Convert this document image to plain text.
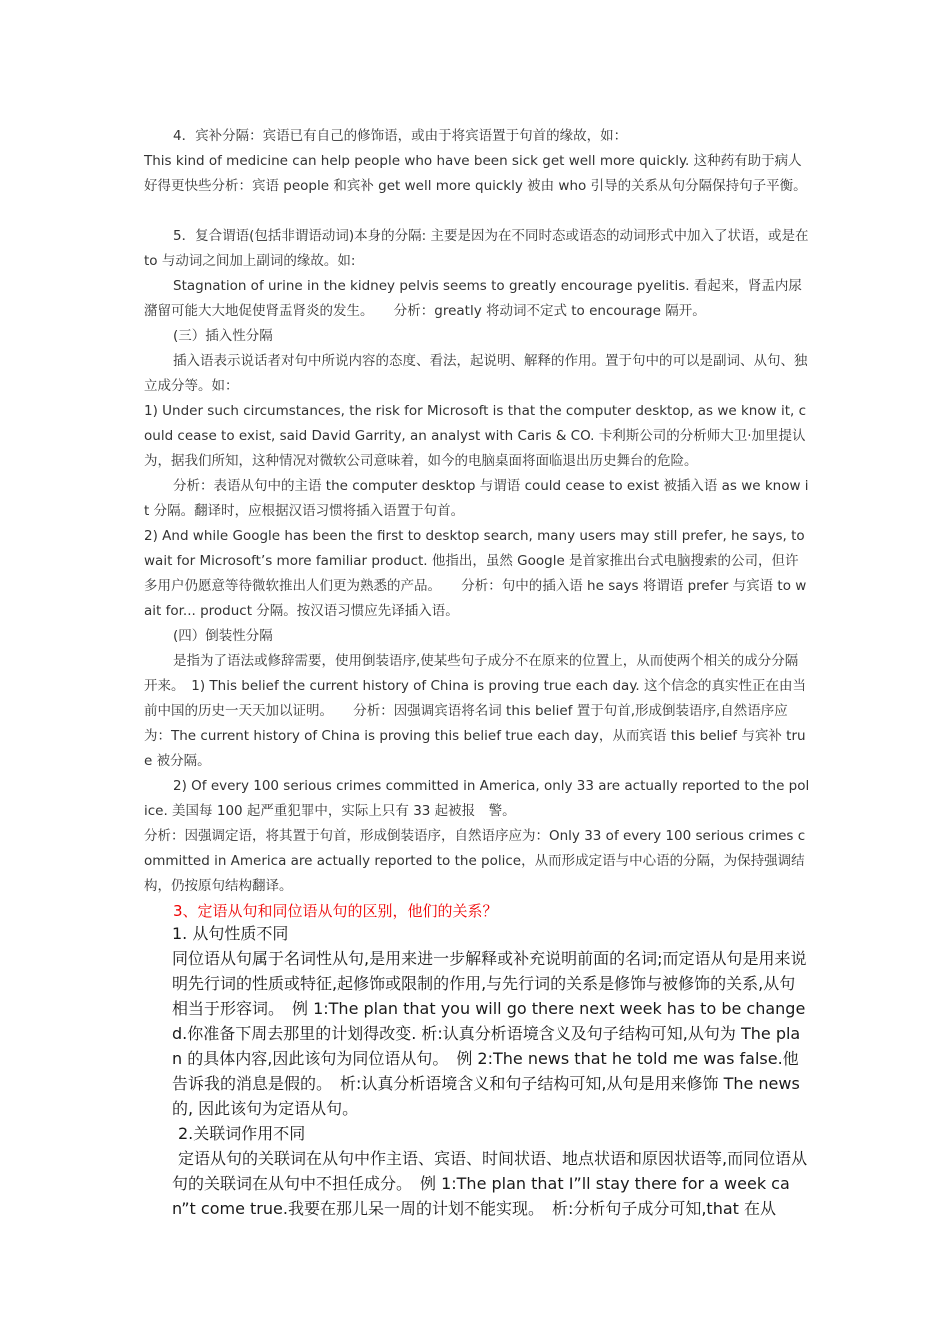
4．宾补分隔：宾语已有自己的修饰语，或由于将宾语置于句首的缘故，如：

This kind of medicine can help people who have been sick get well more quickly. 这种药有助于病人好得更快些分析：宾语 people 和宾补 get well more quickly 被由 who 引导的关系从句分隔保持句子平衡。

5．复合谓语(包括非谓语动词)本身的分隔: 主要是因为在不同时态或语态的动词形式中加入了状语，或是在 to 与动词之间加上副词的缘故。如:

Stagnation of urine in the kidney pelvis seems to greatly encourage pyelitis. 看起来，肾盂内尿潴留可能大大地促使肾盂肾炎的发生。　　分析：greatly 将动词不定式 to encourage 隔开。

(三）插入性分隔

插入语表示说话者对句中所说内容的态度、看法，起说明、解释的作用。置于句中的可以是副词、从句、独立成分等。如：

1) Under such circumstances, the risk for Microsoft is that the computer desktop, as we know it, could cease to exist, said David Garrity, an analyst with Caris & CO. 卡利斯公司的分析师大卫·加里提认为，据我们所知，这种情况对微软公司意味着，如今的电脑桌面将面临退出历史舞台的危险。

分析：表语从句中的主语 the computer desktop 与谓语 could cease to exist 被插入语 as we know it 分隔。翻译时，应根据汉语习惯将插入语置于句首。

2) And while Google has been the first to desktop search, many users may still prefer, he says, to wait for Microsoft’s more familiar product. 他指出，虽然 Google 是首家推出台式电脑搜索的公司，但许多用户仍愿意等待微软推出人们更为熟悉的产品。　　分析：句中的插入语 he says 将谓语 prefer 与宾语 to wait for... product 分隔。按汉语习惯应先译插入语。

(四）倒装性分隔

是指为了语法或修辞需要，使用倒装语序,使某些句子成分不在原来的位置上，从而使两个相关的成分分隔开来。　1) This belief the current history of China is proving true each day. 这个信念的真实性正在由当前中国的历史一天天加以证明。　　分析：因强调宾语将名词 this belief 置于句首,形成倒装语序,自然语序应为：The current history of China is proving this belief true each day，从而宾语 this belief 与宾补 true 被分隔。

2) Of every 100 serious crimes committed in America, only 33 are actually reported to the police. 美国每 100 起严重犯罪中，实际上只有 33 起被报　警。

分析：因强调定语，将其置于句首，形成倒装语序，自然语序应为：Only 33 of every 100 serious crimes committed in America are actually reported to the police，从而形成定语与中心语的分隔，为保持强调结构，仍按原句结构翻译。

3、定语从句和同位语从句的区别，他们的关系？

1. 从句性质不同

同位语从句属于名词性从句,是用来进一步解释或补充说明前面的名词;而定语从句是用来说明先行词的性质或特征,起修饰或限制的作用,与先行词的关系是修饰与被修饰的关系,从句相当于形容词。　例 1:The plan that you will go there next week has to be changed.你准备下周去那里的计划得改变. 析:认真分析语境含义及句子结构可知,从句为 The plan 的具体内容,因此该句为同位语从句。　例 2:The news that he told me was false.他告诉我的消息是假的。　析:认真分析语境含义和句子结构可知,从句是用来修饰 The news 的, 因此该句为定语从句。

2.关联词作用不同

定语从句的关联词在从句中作主语、宾语、时间状语、地点状语和原因状语等,而同位语从句的关联词在从句中不担任成分。　例 1:The plan that I”ll stay there for a week can”t come true.我要在那儿呆一周的计划不能实现。　析:分析句子成分可知,that 在从
